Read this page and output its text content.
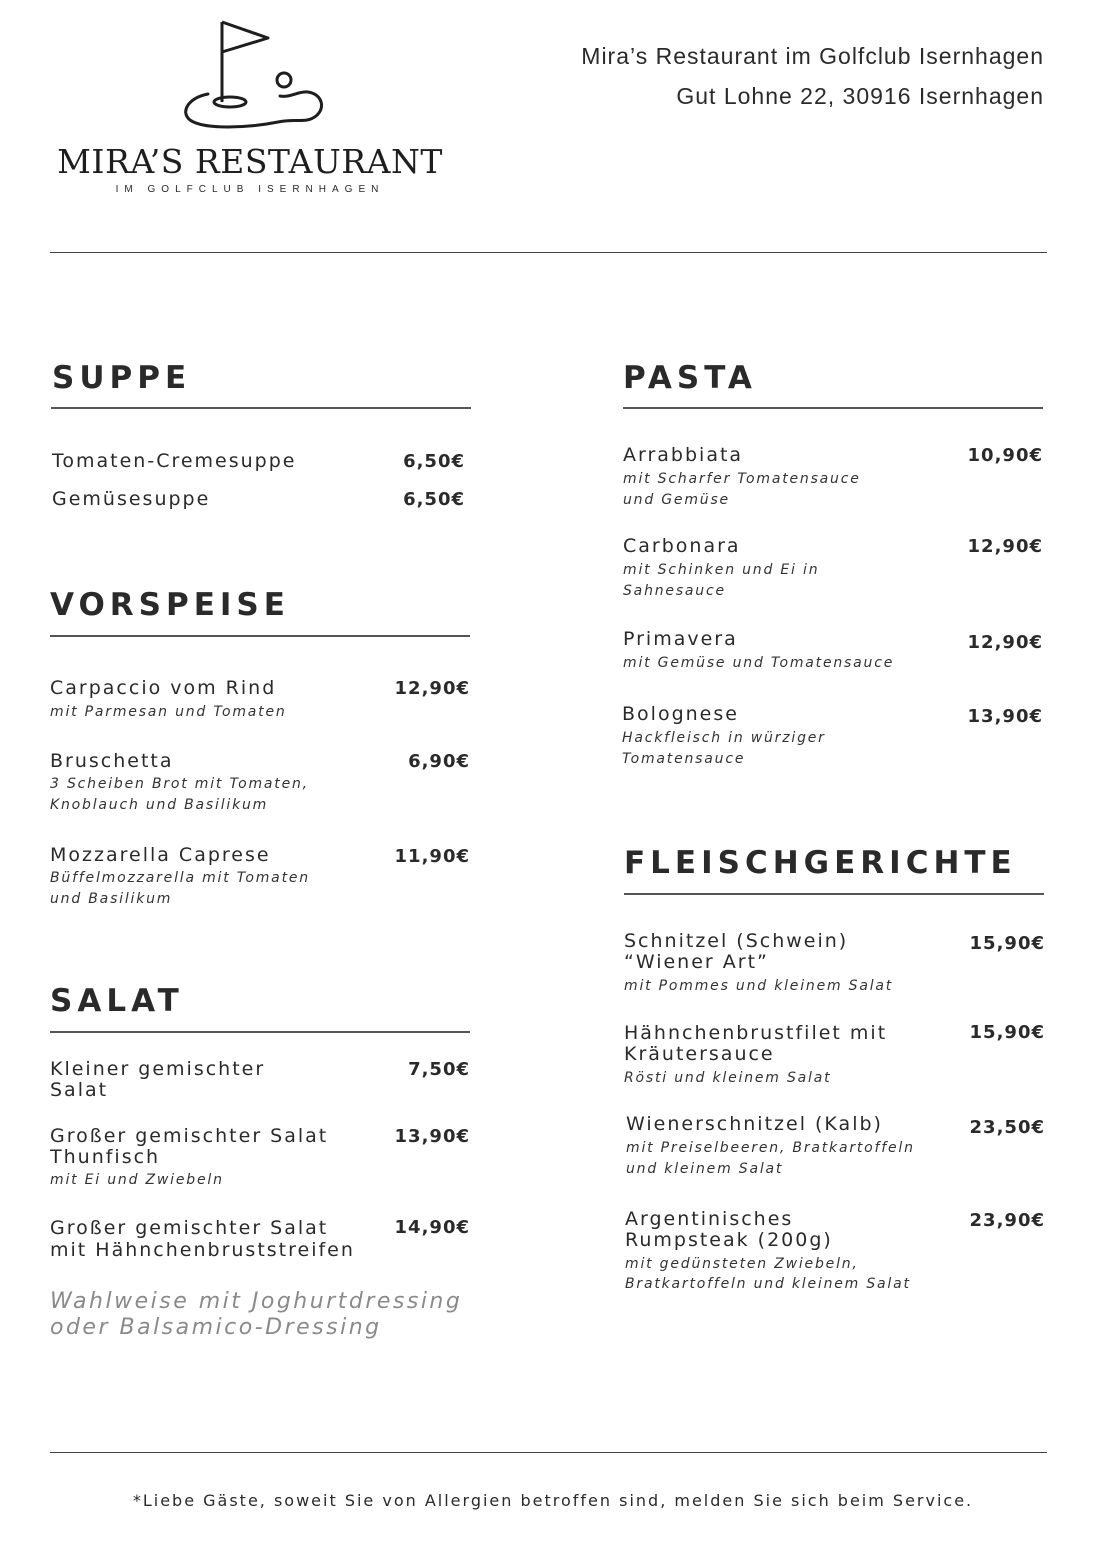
MIRA’S RESTAURANT
IM GOLFCLUB ISERNHAGEN
Mira’s Restaurant im Golfclub Isernhagen
Gut Lohne 22, 30916 Isernhagen
SUPPE
Tomaten-Cremesuppe	6,50€
Gemüsesuppe	6,50€
VORSPEISE
Carpaccio vom Rind
mit Parmesan und Tomaten
12,90€
Bruschetta
3 Scheiben Brot mit Tomaten,
Knoblauch und Basilikum
6,90€
Mozzarella Caprese
Büffelmozzarella mit Tomaten
und Basilikum
11,90€
SALAT
Kleiner gemischter
Salat
7,50€
Großer gemischter Salat
Thunfisch
mit Ei und Zwiebeln
13,90€
Großer gemischter Salat
mit Hähnchenbruststreifen
14,90€
Wahlweise mit Joghurtdressing
oder Balsamico-Dressing
PASTA
Arrabbiata
mit Scharfer Tomatensauce
und Gemüse
10,90€
Carbonara
mit Schinken und Ei in
Sahnesauce
12,90€
Primavera
mit Gemüse und Tomatensauce
12,90€
Bolognese
Hackfleisch in würziger
Tomatensauce
13,90€
FLEISCHGERICHTE
Schnitzel (Schwein)
“Wiener Art”
mit Pommes und kleinem Salat
15,90€
Hähnchenbrustfilet mit
Kräutersauce
Rösti und kleinem Salat
15,90€
Wienerschnitzel (Kalb)
mit Preiselbeeren, Bratkartoffeln
und kleinem Salat
23,50€
Argentinisches
Rumpsteak (200g)
mit gedünsteten Zwiebeln,
Bratkartoffeln und kleinem Salat
23,90€
*Liebe Gäste, soweit Sie von Allergien betroffen sind, melden Sie sich beim Service.
